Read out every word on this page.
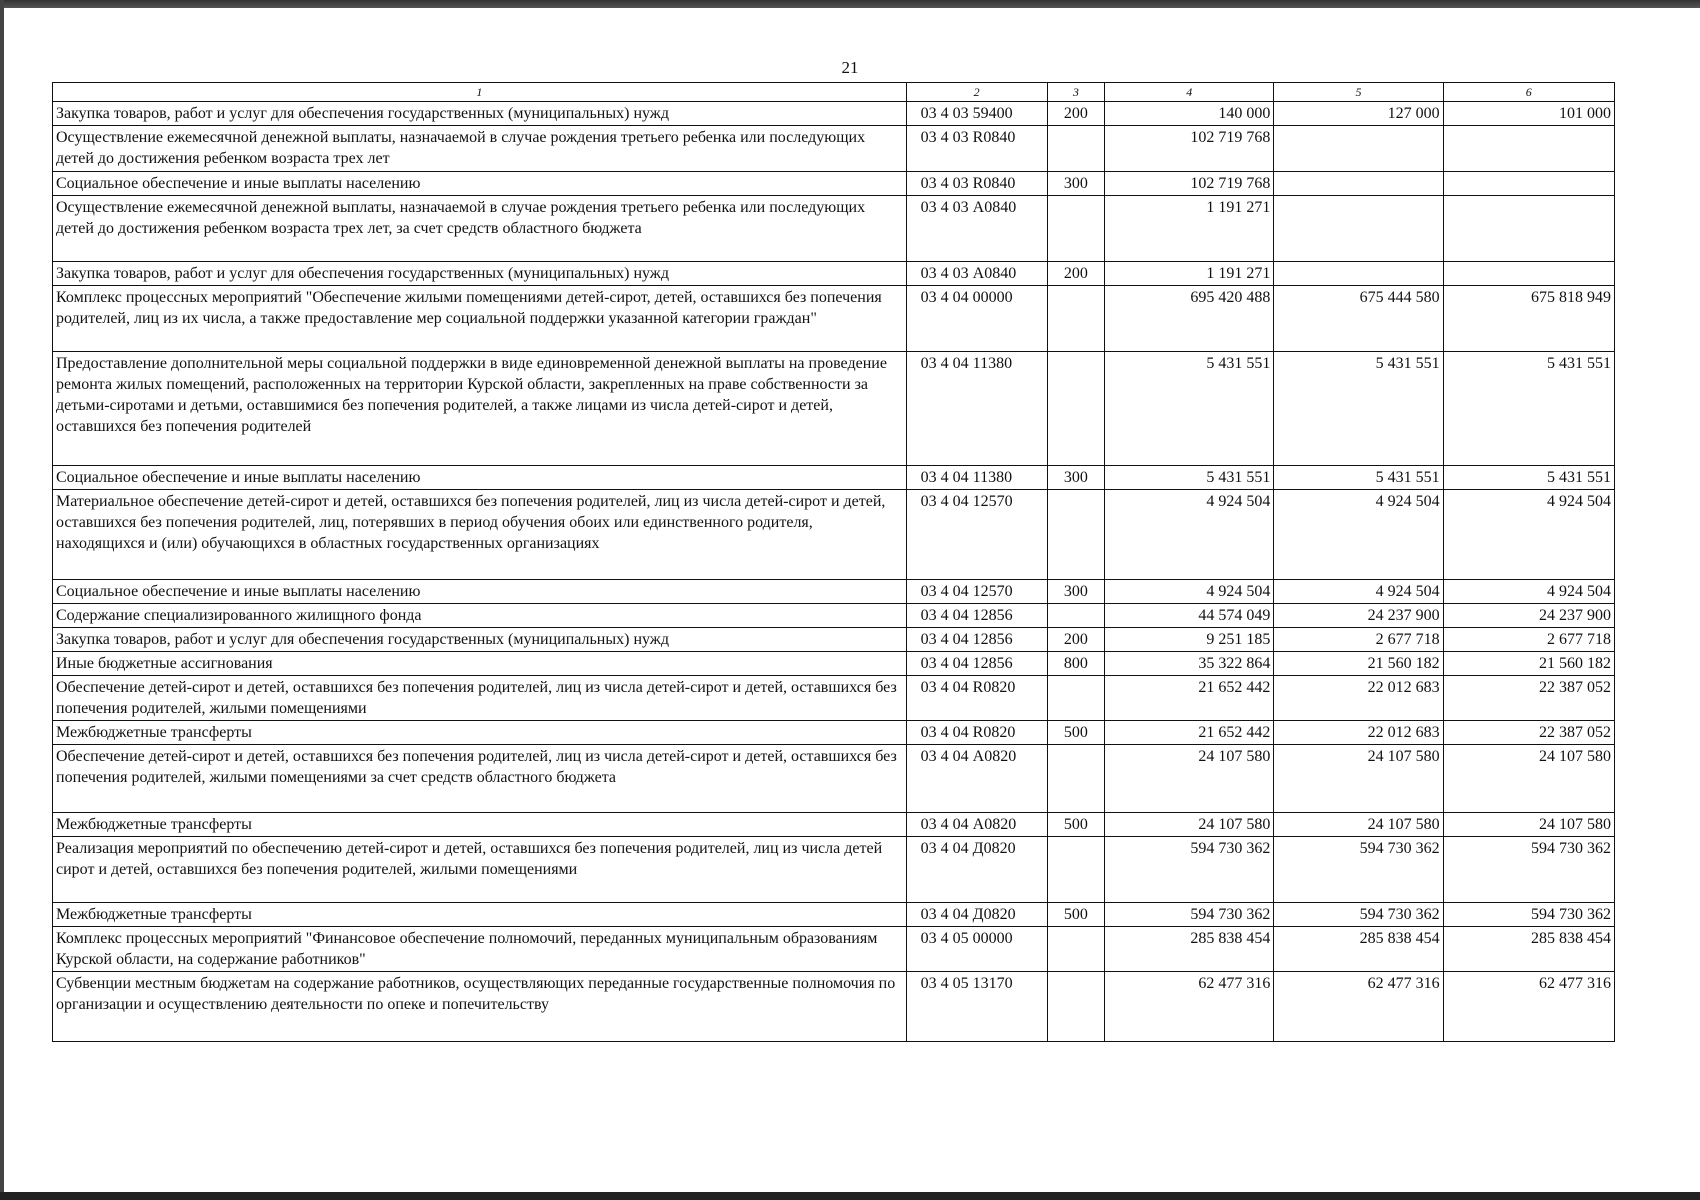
21
1	2	3	4	5	6
Закупка товаров, работ и услуг для обеспечения государственных (муниципальных) нужд	03 4 03 59400	200	140 000	127 000	101 000
Осуществление ежемесячной денежной выплаты, назначаемой в случае рождения третьего ребенка или последующих детей до достижения ребенком возраста трех лет	03 4 03 R0840		102 719 768		
Социальное обеспечение и иные выплаты населению	03 4 03 R0840	300	102 719 768		
Осуществление ежемесячной денежной выплаты, назначаемой в случае рождения третьего ребенка или последующих детей до достижения ребенком возраста трех лет, за счет средств областного бюджета	03 4 03 А0840		1 191 271		
Закупка товаров, работ и услуг для обеспечения государственных (муниципальных) нужд	03 4 03 А0840	200	1 191 271		
Комплекс процессных мероприятий "Обеспечение жилыми помещениями детей-сирот, детей, оставшихся без попечения родителей, лиц из их числа, а также предоставление мер социальной поддержки указанной категории граждан"	03 4 04 00000		695 420 488	675 444 580	675 818 949
Предоставление дополнительной меры социальной поддержки в виде единовременной денежной выплаты на проведение ремонта жилых помещений, расположенных на территории Курской области, закрепленных на праве собственности за детьми-сиротами и детьми, оставшимися без попечения родителей, а также лицами из числа детей-сирот и детей, оставшихся без попечения родителей	03 4 04 11380		5 431 551	5 431 551	5 431 551
Социальное обеспечение и иные выплаты населению	03 4 04 11380	300	5 431 551	5 431 551	5 431 551
Материальное обеспечение детей-сирот и детей, оставшихся без попечения родителей, лиц из числа детей-сирот и детей, оставшихся без попечения родителей, лиц, потерявших в период обучения обоих или единственного родителя, находящихся и (или) обучающихся в областных государственных организациях	03 4 04 12570		4 924 504	4 924 504	4 924 504
Социальное обеспечение и иные выплаты населению	03 4 04 12570	300	4 924 504	4 924 504	4 924 504
Содержание специализированного жилищного фонда	03 4 04 12856		44 574 049	24 237 900	24 237 900
Закупка товаров, работ и услуг для обеспечения государственных (муниципальных) нужд	03 4 04 12856	200	9 251 185	2 677 718	2 677 718
Иные бюджетные ассигнования	03 4 04 12856	800	35 322 864	21 560 182	21 560 182
Обеспечение детей-сирот и детей, оставшихся без попечения родителей, лиц из числа детей-сирот и детей, оставшихся без попечения родителей, жилыми помещениями	03 4 04 R0820		21 652 442	22 012 683	22 387 052
Межбюджетные трансферты	03 4 04 R0820	500	21 652 442	22 012 683	22 387 052
Обеспечение детей-сирот и детей, оставшихся без попечения родителей, лиц из числа детей-сирот и детей, оставшихся без попечения родителей, жилыми помещениями за счет средств областного бюджета	03 4 04 А0820		24 107 580	24 107 580	24 107 580
Межбюджетные трансферты	03 4 04 А0820	500	24 107 580	24 107 580	24 107 580
Реализация мероприятий по обеспечению детей-сирот и детей, оставшихся без попечения родителей, лиц из числа детей сирот и детей, оставшихся без попечения родителей, жилыми помещениями	03 4 04 Д0820		594 730 362	594 730 362	594 730 362
Межбюджетные трансферты	03 4 04 Д0820	500	594 730 362	594 730 362	594 730 362
Комплекс процессных мероприятий "Финансовое обеспечение полномочий, переданных муниципальным образованиям Курской области, на содержание работников"	03 4 05 00000		285 838 454	285 838 454	285 838 454
Субвенции местным бюджетам на содержание работников, осуществляющих переданные государственные полномочия по организации и осуществлению деятельности по опеке и попечительству	03 4 05 13170		62 477 316	62 477 316	62 477 316
